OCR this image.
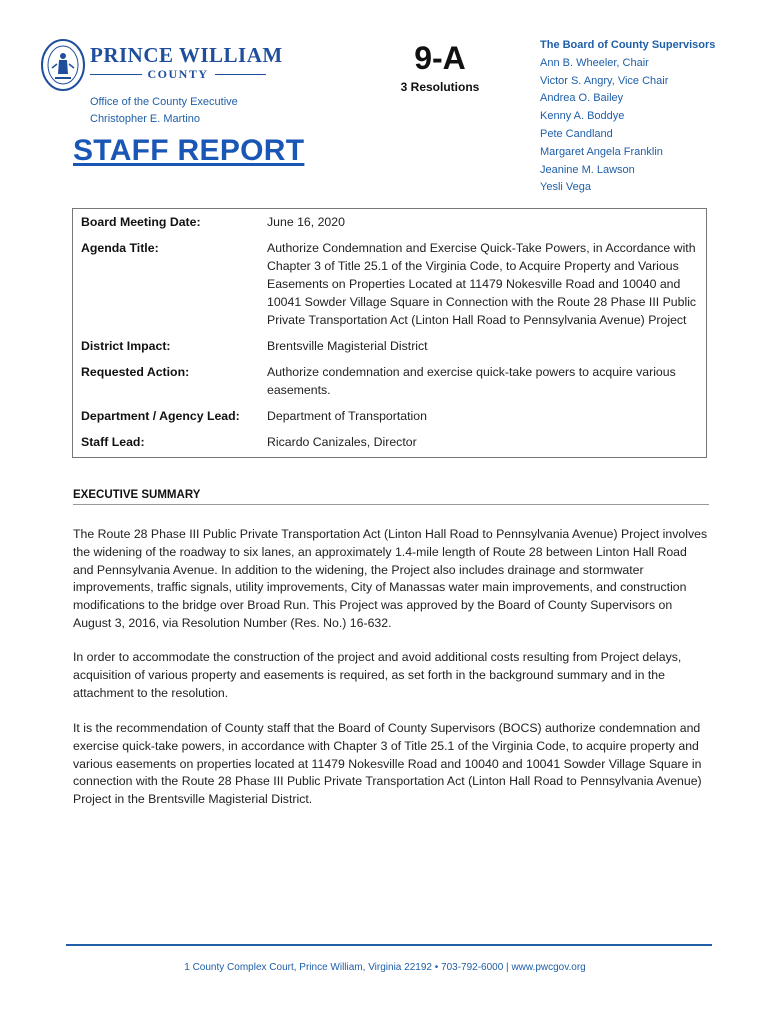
PRINCE WILLIAM
COUNTY
Office of the County Executive
Christopher E. Martino
STAFF REPORT
9-A
3 Resolutions
The Board of County Supervisors
Ann B. Wheeler, Chair
Victor S. Angry, Vice Chair
Andrea O. Bailey
Kenny A. Boddye
Pete Candland
Margaret Angela Franklin
Jeanine M. Lawson
Yesli Vega
Board Meeting Date:	June 16, 2020
Agenda Title:	Authorize Condemnation and Exercise Quick-Take Powers, in Accordance with Chapter 3 of Title 25.1 of the Virginia Code, to Acquire Property and Various Easements on Properties Located at 11479 Nokesville Road and 10040 and 10041 Sowder Village Square in Connection with the Route 28 Phase III Public Private Transportation Act (Linton Hall Road to Pennsylvania Avenue) Project
District Impact:	Brentsville Magisterial District
Requested Action:	Authorize condemnation and exercise quick-take powers to acquire various easements.
Department / Agency Lead:	Department of Transportation
Staff Lead:	Ricardo Canizales, Director
EXECUTIVE SUMMARY

The Route 28 Phase III Public Private Transportation Act (Linton Hall Road to Pennsylvania Avenue) Project involves the widening of the roadway to six lanes, an approximately 1.4-mile length of Route 28 between Linton Hall Road and Pennsylvania Avenue. In addition to the widening, the Project also includes drainage and stormwater improvements, traffic signals, utility improvements, City of Manassas water main improvements, and construction modifications to the bridge over Broad Run. This Project was approved by the Board of County Supervisors on August 3, 2016, via Resolution Number (Res. No.) 16-632.

In order to accommodate the construction of the project and avoid additional costs resulting from Project delays, acquisition of various property and easements is required, as set forth in the background summary and in the attachment to the resolution.

It is the recommendation of County staff that the Board of County Supervisors (BOCS) authorize condemnation and exercise quick-take powers, in accordance with Chapter 3 of Title 25.1 of the Virginia Code, to acquire property and various easements on properties located at 11479 Nokesville Road and 10040 and 10041 Sowder Village Square in connection with the Route 28 Phase III Public Private Transportation Act (Linton Hall Road to Pennsylvania Avenue) Project in the Brentsville Magisterial District.

1 County Complex Court, Prince William, Virginia 22192 • 703-792-6000 | www.pwcgov.org
